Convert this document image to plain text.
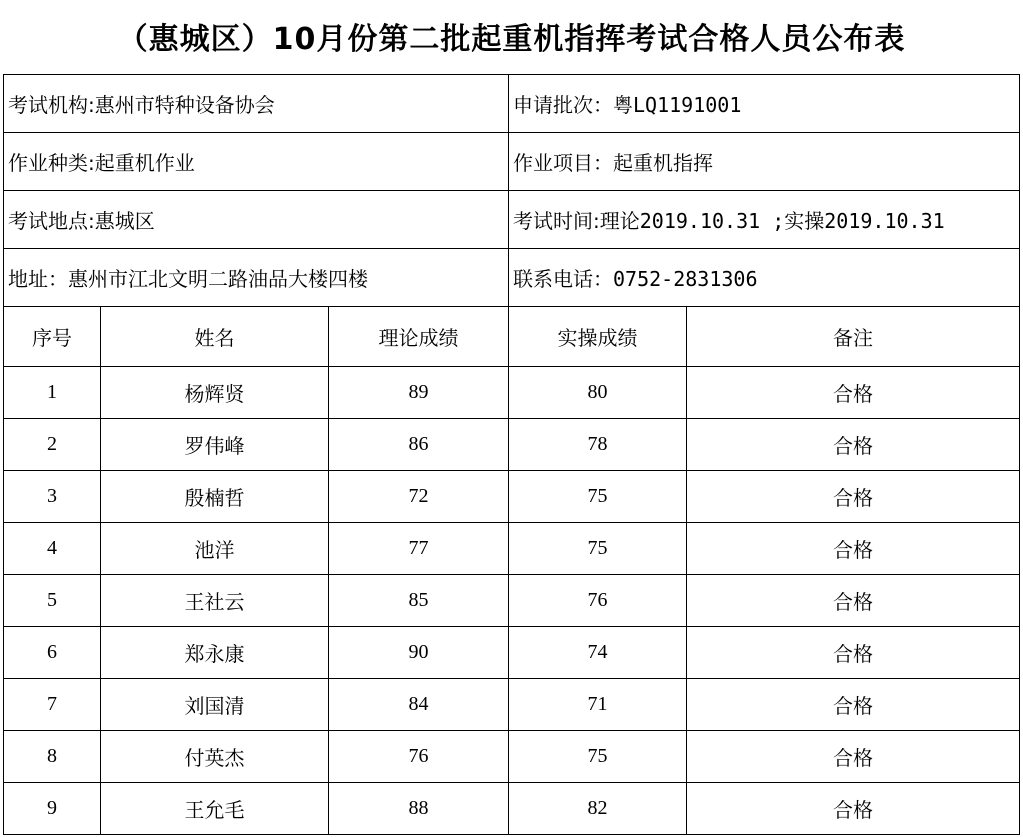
（惠城区）10月份第二批起重机指挥考试合格人员公布表
考试机构:惠州市特种设备协会			申请批次：粤LQ1191001	
作业种类:起重机作业			作业项目：起重机指挥	
考试地点:惠城区			考试时间:理论2019.10.31 ;实操2019.10.31	
地址：惠州市江北文明二路油品大楼四楼			联系电话：0752-2831306	
序号	姓名	理论成绩	实操成绩	备注
1	杨辉贤	89	80	合格
2	罗伟峰	86	78	合格
3	殷楠哲	72	75	合格
4	池洋	77	75	合格
5	王社云	85	76	合格
6	郑永康	90	74	合格
7	刘国清	84	71	合格
8	付英杰	76	75	合格
9	王允毛	88	82	合格
